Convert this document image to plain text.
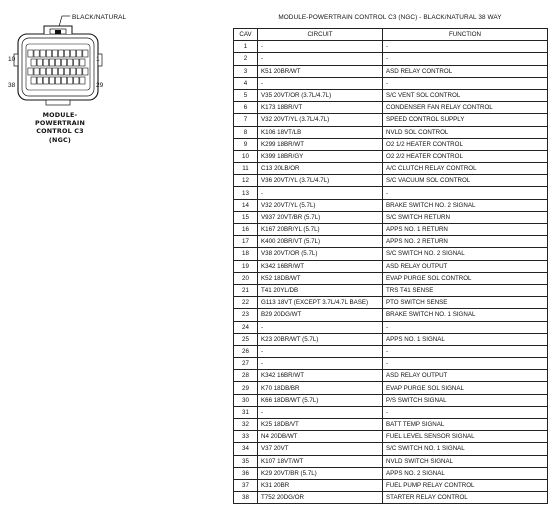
BLACK/NATURAL
10	1
38	29
MODULE-
POWERTRAIN
CONTROL C3
(NGC)
MODULE-POWERTRAIN CONTROL C3 (NGC) - BLACK/NATURAL 38 WAY
CAV	CIRCUIT	FUNCTION
1	-	-
2	-	-
3	K51 20BR/WT	ASD RELAY CONTROL
4	-	-
5	V35 20VT/OR (3.7L/4.7L)	S/C VENT SOL CONTROL
6	K173 18BR/VT	CONDENSER FAN RELAY CONTROL
7	V32 20VT/YL (3.7L/4.7L)	SPEED CONTROL SUPPLY
8	K106 18VT/LB	NVLD SOL CONTROL
9	K299 18BR/WT	O2 1/2 HEATER CONTROL
10	K399 18BR/GY	O2 2/2 HEATER CONTROL
11	C13 20LB/OR	A/C CLUTCH RELAY CONTROL
12	V36 20VT/YL (3.7L/4.7L)	S/C VACUUM SOL CONTROL
13	-	-
14	V32 20VT/YL (5.7L)	BRAKE SWITCH NO. 2 SIGNAL
15	V937 20VT/BR (5.7L)	S/C SWITCH RETURN
16	K167 20BR/YL (5.7L)	APPS NO. 1 RETURN
17	K400 20BR/VT (5.7L)	APPS NO. 2 RETURN
18	V38 20VT/OR (5.7L)	S/C SWITCH NO. 2 SIGNAL
19	K342 16BR/WT	ASD RELAY OUTPUT
20	K52 18DB/WT	EVAP PURGE SOL CONTROL
21	T41 20YL/DB	TRS T41 SENSE
22	G113 18VT (EXCEPT 3.7L/4.7L BASE)	PTO SWITCH SENSE
23	B29 20DG/WT	BRAKE SWITCH NO. 1 SIGNAL
24	-	-
25	K23 20BR/WT (5.7L)	APPS NO. 1 SIGNAL
26	-	-
27	-	-
28	K342 16BR/WT	ASD RELAY OUTPUT
29	K70 18DB/BR	EVAP PURGE SOL SIGNAL
30	K66 18DB/WT (5.7L)	P/S SWITCH SIGNAL
31	-	-
32	K25 18DB/VT	BATT TEMP SIGNAL
33	N4 20DB/WT	FUEL LEVEL SENSOR SIGNAL
34	V37 20VT	S/C SWITCH NO. 1 SIGNAL
35	K107 18VT/WT	NVLD SWITCH SIGNAL
36	K29 20VT/BR (5.7L)	APPS NO. 2 SIGNAL
37	K31 20BR	FUEL PUMP RELAY CONTROL
38	T752 20DG/OR	STARTER RELAY CONTROL
